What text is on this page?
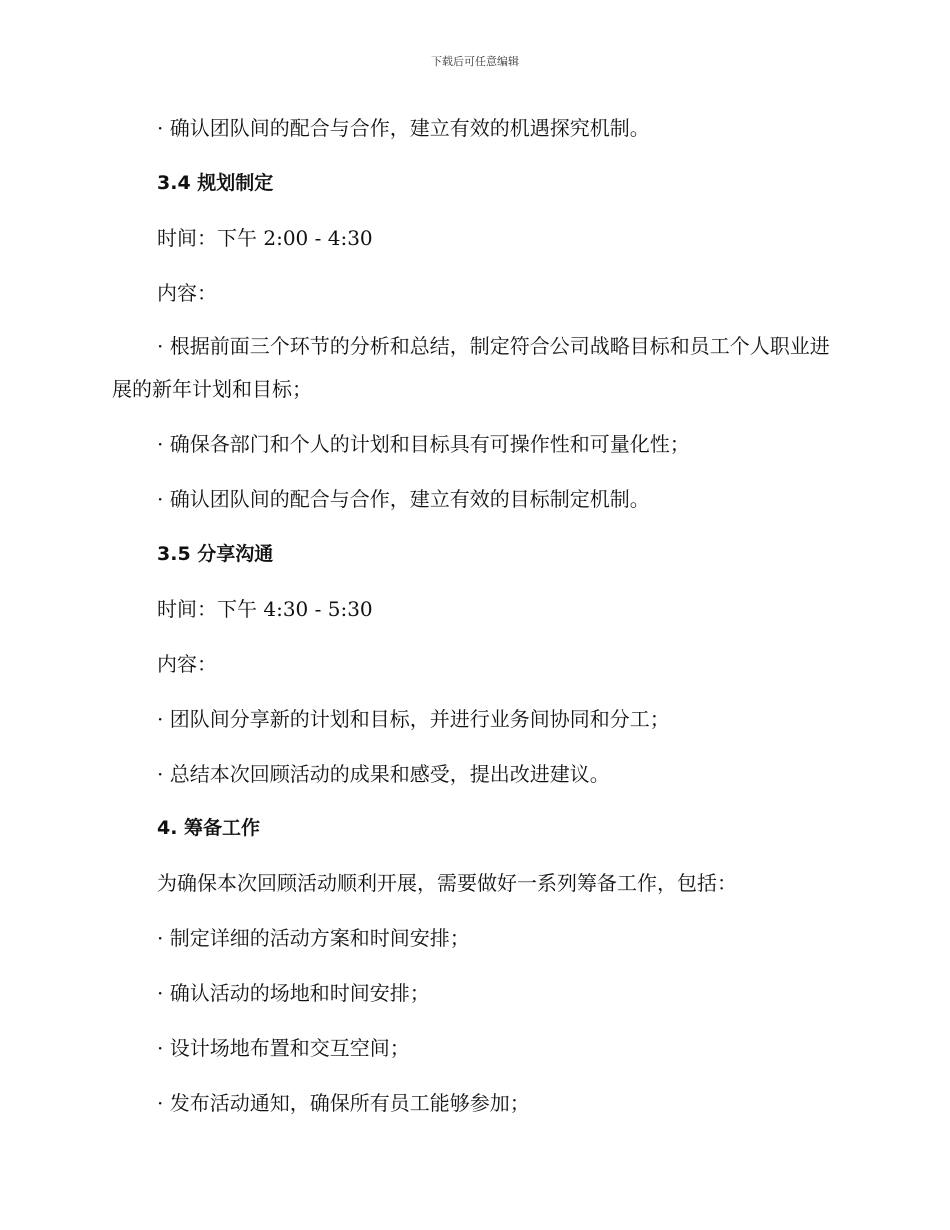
下载后可任意编辑
· 确认团队间的配合与合作，建立有效的机遇探究机制。
3.4 规划制定
时间：下午 2:00 - 4:30
内容：
· 根据前面三个环节的分析和总结，制定符合公司战略目标和员工个人职业进展的新年计划和目标；
· 确保各部门和个人的计划和目标具有可操作性和可量化性；
· 确认团队间的配合与合作，建立有效的目标制定机制。
3.5 分享沟通
时间：下午 4:30 - 5:30
内容：
· 团队间分享新的计划和目标，并进行业务间协同和分工；
· 总结本次回顾活动的成果和感受，提出改进建议。
4. 筹备工作
为确保本次回顾活动顺利开展，需要做好一系列筹备工作，包括：
· 制定详细的活动方案和时间安排；
· 确认活动的场地和时间安排；
· 设计场地布置和交互空间；
· 发布活动通知，确保所有员工能够参加；
